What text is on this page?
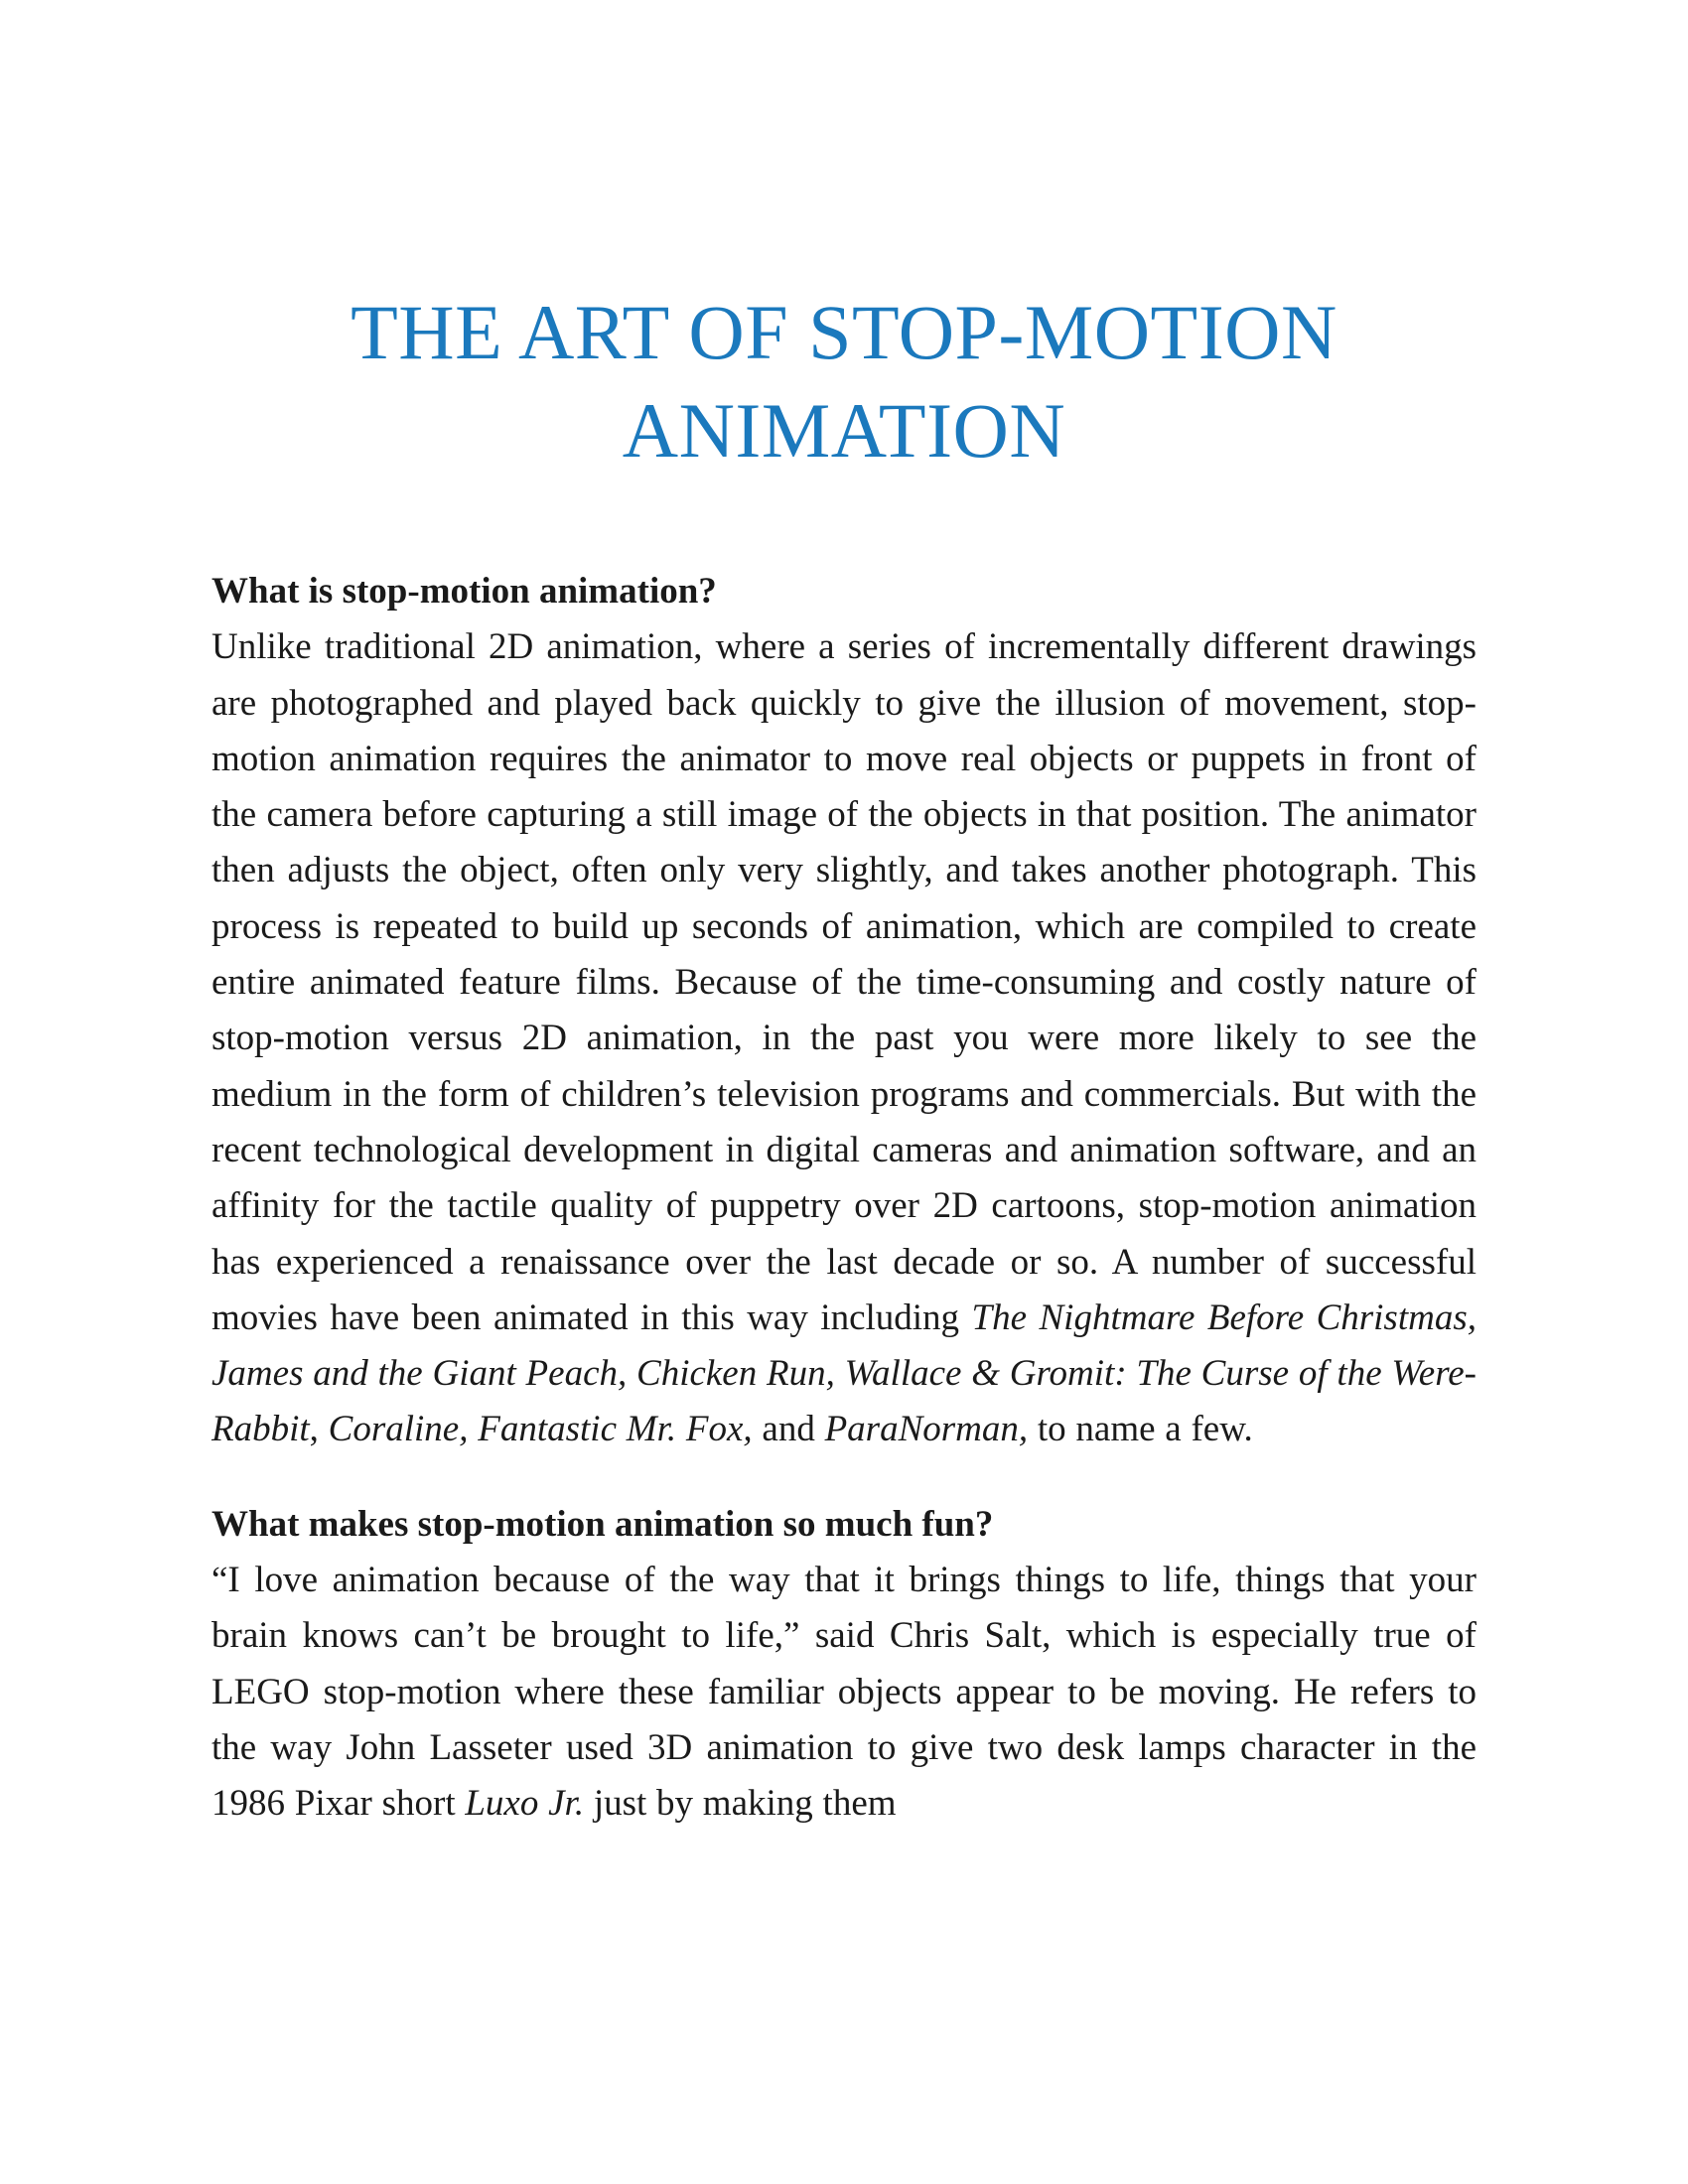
THE ART OF STOP-MOTION
ANIMATION

What is stop-motion animation?

Unlike traditional 2D animation, where a series of incrementally different drawings are photographed and played back quickly to give the illusion of movement, stop-motion animation requires the animator to move real objects or puppets in front of the camera before capturing a still image of the objects in that position. The animator then adjusts the object, often only very slightly, and takes another photograph. This process is repeated to build up seconds of animation, which are compiled to create entire animated feature films. Because of the time-consuming and costly nature of stop-motion versus 2D animation, in the past you were more likely to see the medium in the form of children’s television programs and commercials. But with the recent technological development in digital cameras and animation software, and an affinity for the tactile quality of puppetry over 2D cartoons, stop-motion animation has experienced a renaissance over the last decade or so. A number of successful movies have been animated in this way including The Nightmare Before Christmas, James and the Giant Peach, Chicken Run, Wallace & Gromit: The Curse of the Were-Rabbit, Coraline, Fantastic Mr. Fox, and ParaNorman, to name a few.

What makes stop-motion animation so much fun?

“I love animation because of the way that it brings things to life, things that your brain knows can’t be brought to life,” said Chris Salt, which is especially true of LEGO stop-motion where these familiar objects appear to be moving. He refers to the way John Lasseter used 3D animation to give two desk lamps character in the 1986 Pixar short Luxo Jr. just by making them
